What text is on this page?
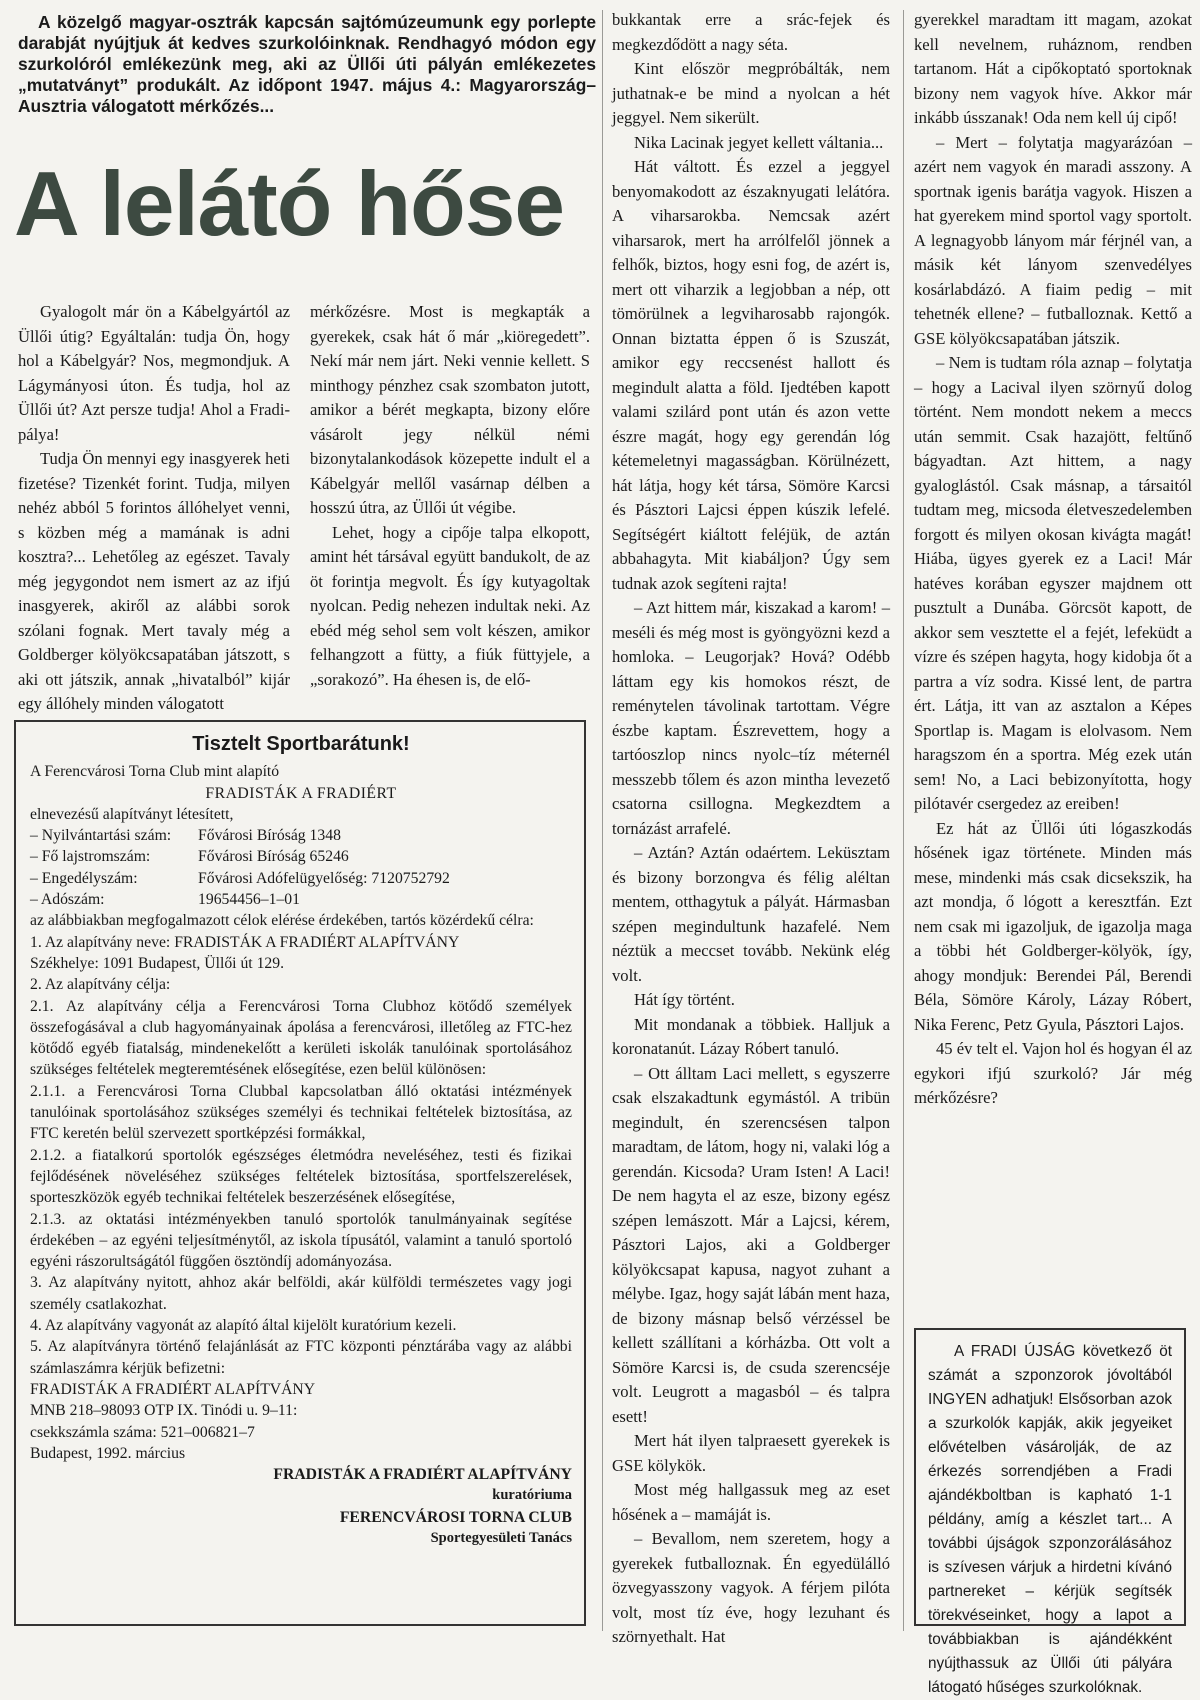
A közelgő magyar-osztrák kapcsán sajtómúzeumunk egy porlepte darabját nyújtjuk át kedves szurkolóinknak. Rendhagyó módon egy szurkolóról emlékezünk meg, aki az Üllői úti pályán emlékezetes „mutatványt” produkált. Az időpont 1947. május 4.: Magyarország–Ausztria válogatott mérkőzés...

A lelátó hőse

Gyalogolt már ön a Kábelgyártól az Üllői útig? Egyáltalán: tudja Ön, hogy hol a Kábelgyár? Nos, megmondjuk. A Lágymányosi úton. És tudja, hol az Üllői út? Azt persze tudja! Ahol a Fradi-pálya!

Tudja Ön mennyi egy inasgyerek heti fizetése? Tizenkét forint. Tudja, milyen nehéz abból 5 forintos állóhelyet venni, s közben még a mamának is adni kosztra?... Lehetőleg az egészet. Tavaly még jegygondot nem ismert az az ifjú inasgyerek, akiről az alábbi sorok szólani fognak. Mert tavaly még a Goldberger kölyökcsapatában játszott, s aki ott játszik, annak „hivatalból” kijár egy állóhely minden válogatott

mérkőzésre. Most is megkapták a gyerekek, csak hát ő már „kiöregedett”. Nekí már nem járt. Neki vennie kellett. S minthogy pénzhez csak szombaton jutott, amikor a bérét megkapta, bizony előre vásárolt jegy nélkül némi bizonytalankodások közepette indult el a Kábelgyár mellől vasárnap délben a hosszú útra, az Üllői út végibe.

Lehet, hogy a cipője talpa elkopott, amint hét társával együtt bandukolt, de az öt forintja megvolt. És így kutyagoltak nyolcan. Pedig nehezen indultak neki. Az ebéd még sehol sem volt készen, amikor felhangzott a fütty, a fiúk füttyjele, a „sorakozó”. Ha éhesen is, de elő-

bukkantak erre a srác-fejek és megkezdődött a nagy séta.

Kint először megpróbálták, nem juthatnak-e be mind a nyolcan a hét jeggyel. Nem sikerült.

Nika Lacinak jegyet kellett váltania...

Hát váltott. És ezzel a jeggyel benyomakodott az északnyugati lelátóra. A viharsarokba. Nemcsak azért viharsarok, mert ha arrólfelől jönnek a felhők, biztos, hogy esni fog, de azért is, mert ott viharzik a legjobban a nép, ott tömörülnek a legviharosabb rajongók. Onnan biztatta éppen ő is Szuszát, amikor egy reccsenést hallott és megindult alatta a föld. Ijedtében kapott valami szilárd pont után és azon vette észre magát, hogy egy gerendán lóg kétemeletnyi magasságban. Körülnézett, hát látja, hogy két társa, Sömöre Karcsi és Pásztori Lajcsi éppen kúszik lefelé. Segítségért kiáltott feléjük, de aztán abbahagyta. Mit kiabáljon? Úgy sem tudnak azok segíteni rajta!

– Azt hittem már, kiszakad a karom! – meséli és még most is gyöngyözni kezd a homloka. – Leugorjak? Hová? Odébb láttam egy kis homokos részt, de reménytelen távolinak tartottam. Végre észbe kaptam. Észrevettem, hogy a tartóoszlop nincs nyolc–tíz méternél messzebb tőlem és azon mintha levezető csatorna csillogna. Megkezdtem a tornázást arrafelé.

– Aztán? Aztán odaértem. Leküsztam és bizony borzongva és félig aléltan mentem, otthagytuk a pályát. Hármasban szépen megindultunk hazafelé. Nem néztük a meccset tovább. Nekünk elég volt.

Hát így történt.

Mit mondanak a többiek. Halljuk a koronatanút. Lázay Róbert tanuló.

– Ott álltam Laci mellett, s egyszerre csak elszakadtunk egymástól. A tribün megindult, én szerencsésen talpon maradtam, de látom, hogy ni, valaki lóg a gerendán. Kicsoda? Uram Isten! A Laci! De nem hagyta el az esze, bizony egész szépen lemászott. Már a Lajcsi, kérem, Pásztori Lajos, aki a Goldberger kölyökcsapat kapusa, nagyot zuhant a mélybe. Igaz, hogy saját lábán ment haza, de bizony másnap belső vérzéssel be kellett szállítani a kórházba. Ott volt a Sömöre Karcsi is, de csuda szerencséje volt. Leugrott a magasból – és talpra esett!

Mert hát ilyen talpraesett gyerekek is GSE kölykök.

Most még hallgassuk meg az eset hősének a – mamáját is.

– Bevallom, nem szeretem, hogy a gyerekek futballoznak. Én egyedülálló özvegyasszony vagyok. A férjem pilóta volt, most tíz éve, hogy lezuhant és szörnyethalt. Hat

gyerekkel maradtam itt magam, azokat kell nevelnem, ruháznom, rendben tartanom. Hát a cipőkoptató sportoknak bizony nem vagyok híve. Akkor már inkább ússzanak! Oda nem kell új cipő!

– Mert – folytatja magyarázóan – azért nem vagyok én maradi asszony. A sportnak igenis barátja vagyok. Hiszen a hat gyerekem mind sportol vagy sportolt. A legnagyobb lányom már férjnél van, a másik két lányom szenvedélyes kosárlabdázó. A fiaim pedig – mit tehetnék ellene? – futballoznak. Kettő a GSE kölyökcsapatában játszik.

– Nem is tudtam róla aznap – folytatja – hogy a Lacival ilyen szörnyű dolog történt. Nem mondott nekem a meccs után semmit. Csak hazajött, feltűnő bágyadtan. Azt hittem, a nagy gyaloglástól. Csak másnap, a társaitól tudtam meg, micsoda életveszedelemben forgott és milyen okosan kivágta magát! Hiába, ügyes gyerek ez a Laci! Már hatéves korában egyszer majdnem ott pusztult a Dunába. Görcsöt kapott, de akkor sem vesztette el a fejét, lefeküdt a vízre és szépen hagyta, hogy kidobja őt a partra a víz sodra. Kissé lent, de partra ért. Látja, itt van az asztalon a Képes Sportlap is. Magam is elolvasom. Nem haragszom én a sportra. Még ezek után sem! No, a Laci bebizonyította, hogy pilótavér csergedez az ereiben!

Ez hát az Üllői úti lógaszkodás hősének igaz története. Minden más mese, mindenki más csak dicsekszik, ha azt mondja, ő lógott a keresztfán. Ezt nem csak mi igazoljuk, de igazolja maga a többi hét Goldberger-kölyök, így, ahogy mondjuk: Berendei Pál, Berendi Béla, Sömöre Károly, Lázay Róbert, Nika Ferenc, Petz Gyula, Pásztori Lajos.

45 év telt el. Vajon hol és hogyan él az egykori ifjú szurkoló? Jár még mérkőzésre?

Tisztelt Sportbarátunk!

A Ferencvárosi Torna Club mint alapító

FRADISTÁK A FRADIÉRT

elnevezésű alapítványt létesített,

– Nyilvántartási szám:	Fővárosi Bíróság 1348

– Fő lajstromszám:	Fővárosi Bíróság 65246

– Engedélyszám:	Fővárosi Adófelügyelőség: 7120752792

– Adószám:	19654456–1–01

az alábbiakban megfogalmazott célok elérése érdekében, tartós közérdekű célra:

1. Az alapítvány neve: FRADISTÁK A FRADIÉRT ALAPÍTVÁNY

Székhelye: 1091 Budapest, Üllői út 129.

2. Az alapítvány célja:

2.1. Az alapítvány célja a Ferencvárosi Torna Clubhoz kötődő személyek összefogásával a club hagyományainak ápolása a ferencvárosi, illetőleg az FTC-hez kötődő egyéb fiatalság, mindenekelőtt a kerületi iskolák tanulóinak sportolásához szükséges feltételek megteremtésének elősegítése, ezen belül különösen:

2.1.1. a Ferencvárosi Torna Clubbal kapcsolatban álló oktatási intézmények tanulóinak sportolásához szükséges személyi és technikai feltételek biztosítása, az FTC keretén belül szervezett sportképzési formákkal,

2.1.2. a fiatalkorú sportolók egészséges életmódra neveléséhez, testi és fizikai fejlődésének növeléséhez szükséges feltételek biztosítása, sportfelszerelések, sporteszközök egyéb technikai feltételek beszerzésének elősegítése,

2.1.3. az oktatási intézményekben tanuló sportolók tanulmányainak segítése érdekében – az egyéni teljesítménytől, az iskola típusától, valamint a tanuló sportoló egyéni rászorultságától függően ösztöndíj adományozása.

3. Az alapítvány nyitott, ahhoz akár belföldi, akár külföldi természetes vagy jogi személy csatlakozhat.

4. Az alapítvány vagyonát az alapító által kijelölt kuratórium kezeli.

5. Az alapítványra történő felajánlását az FTC központi pénztárába vagy az alábbi számlaszámra kérjük befizetni:

FRADISTÁK A FRADIÉRT ALAPÍTVÁNY

MNB 218–98093 OTP IX. Tinódi u. 9–11:

csekkszámla száma: 521–006821–7

Budapest, 1992. március

FRADISTÁK A FRADIÉRT ALAPÍTVÁNY

kuratóriuma

FERENCVÁROSI TORNA CLUB

Sportegyesületi Tanács

A FRADI ÚJSÁG következő öt számát a szponzorok jóvoltából INGYEN adhatjuk! Elsősorban azok a szurkolók kapják, akik jegyeiket elővételben vásárolják, de az érkezés sorrendjében a Fradi ajándékboltban is kapható 1-1 példány, amíg a készlet tart... A további újságok szponzorálásához is szívesen várjuk a hirdetni kívánó partnereket – kérjük segítsék törekvéseinket, hogy a lapot a továbbiakban is ajándékként nyújthassuk az Üllői úti pályára látogató hűséges szurkolóknak.
